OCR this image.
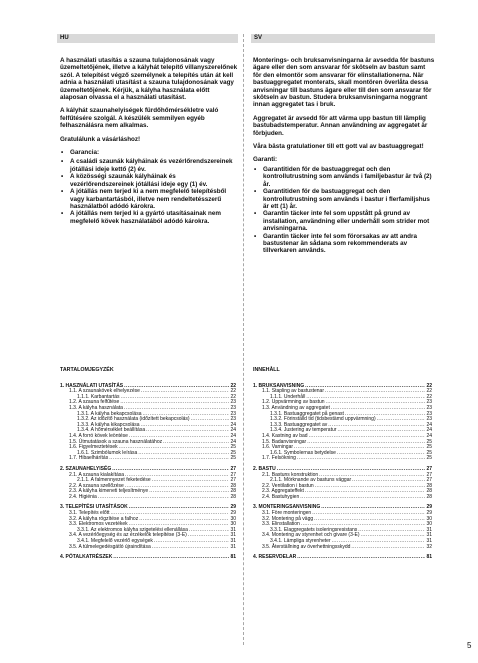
HU	SV

A használati utasítás a szauna tulajdonosának vagy üzemeltetőjének, illetve a kályhát telepítő villanyszerelőnek szól. A telepítést végző személynek a telepítés után át kell adnia a használati utasítást a szauna tulajdonosának vagy üzemeltetőjének. Kérjük, a kályha használata előtt alaposan olvassa el a használati utasítást.

A kályhát szaunahelyiségek fürdőhőmérsékletre való felfűtésére szolgál. A készülék semmilyen egyéb felhasználásra nem alkalmas.

Gratulálunk a vásárláshoz!

• Garancia:
• A családi szaunák kályháinak és vezérlőrendszereinek jótállási ideje kettő (2) év.
• A közösségi szaunák kályháinak és vezérlőrendszereinek jótállási ideje egy (1) év.
• A jótállás nem terjed ki a nem megfelelő telepítésből vagy karbantartásból, illetve nem rendeltetésszerű használatból adódó károkra.
• A jótállás nem terjed ki a gyártó utasításainak nem megfelelő kövek használatából adódó károkra.

Monterings- och bruksanvisningarna är avsedda för bastuns ägare eller den som ansvarar för skötseln av bastun samt för den elmontör som ansvarar för elinstallationerna. När bastuaggregatet monterats, skall montören överlåta dessa anvisningar till bastuns ägare eller till den som ansvarar för skötseln av bastun. Studera bruksanvisningarna noggrant innan aggregatet tas i bruk.

Aggregatet är avsedd för att värma upp bastun till lämplig bastubadstemperatur. Annan användning av aggregatet är förbjuden.

Våra bästa gratulationer till ett gott val av bastuaggregat!

Garanti:

• Garantitiden för de bastuaggregat och den kontrollutrustning som används i familjebastur är två (2) år.
• Garantitiden för de bastuaggregat och den kontrollutrustning som används i bastur i flerfamiljshus är ett (1) år.
• Garantin täcker inte fel som uppstått på grund av installation, användning eller underhåll som strider mot anvisningarna.
• Garantin täcker inte fel som förorsakas av att andra bastustenar än sådana som rekommenderats av tillverkaren används.
TARTALOMJEGYZÉK
1. HASZNÁLATI UTASÍTÁS .....	22
1.1. A szaunakövek elhelyezése .....	22
1.1.1. Karbantartás .....	22
1.2. A szauna felfűtése .....	23
1.3. A kályha használata .....	23
1.3.1. A kályha bekapcsolása .....	23
1.3.2. Az időzítő használata (időzített bekapcsolás) .....	23
1.3.3. A kályha kikapcsolása .....	24
1.3.4. A hőmérséklet beállítása .....	24
1.4. A forró kövek leöntése .....	24
1.5. Útmutatások a szauna használatához .....	24
1.6. Figyelmeztetések .....	25
1.6.1. Szimbólumok leírása .....	25
1.7. Hibaelhárítás .....	25
2. SZAUNAHELYISÉG .....	27
2.1. A szauna kialakítása .....	27
2.1.1. A falmennyezet feketedése .....	27
2.2. A szauna szellőzése .....	28
2.3. A kályha kimeneti teljesítménye .....	28
2.4. Higiénia .....	28
3. TELEPÍTÉSI UTASÍTÁSOK .....	29
3.1. Telepítés előtt .....	29
3.2. A kályha rögzítése a falhoz .....	30
3.3. Elektromos vezetékek .....	30
3.3.1. Az elektromos kályha szigetelési ellenállása .....	31
3.4. A vezérlőegység és az érzékelők telepítése (3-E) .....	31
3.4.1. Megfelelő vezérlő egységek .....	31
3.5. A túlmelegedésgátló újraindítása .....	31
4. PÓTALKATRÉSZEK .....	81
INNEHÅLL
1. BRUKSANVISNING .....	22
1.1. Stapling av bastustenar .....	22
1.1.1. Underhåll .....	22
1.2. Uppvärmning av bastun .....	23
1.3. Användning av aggregatet .....	23
1.3.1. Bastuaggregatet på genast .....	23
1.3.2. Förinställd tid (tidsbestämd uppvärmning) .....	23
1.3.3. Bastuaggregatet av .....	24
1.3.4. Justering av temperatur .....	24
1.4. Kastning av bad .....	24
1.5. Badanvisningar .....	25
1.6. Varningar .....	25
1.6.1. Symbolernas betydelse .....	25
1.7. Felsökning .....	25
2. BASTU .....	27
2.1. Bastuns konstruktion .....	27
2.1.1. Mörknande av bastuns väggar .....	27
2.2. Ventilation i bastun .....	28
2.3. Aggregateffekt .....	28
2.4. Bastuhygien .....	28
3. MONTERINGSANVISNING .....	29
3.1. Före monteringen .....	29
3.2. Montering på vägg .....	30
3.3. Elinstallation .....	30
3.3.1. Elaggregatets isoleringsresistans .....	31
3.4. Montering av styrenhet och givare (3-E) .....	31
3.4.1. Lämpliga styrenheter .....	31
3.5. Återställning av överhettningsskydd .....	32
4. RESERVDELAR .....	81
5
